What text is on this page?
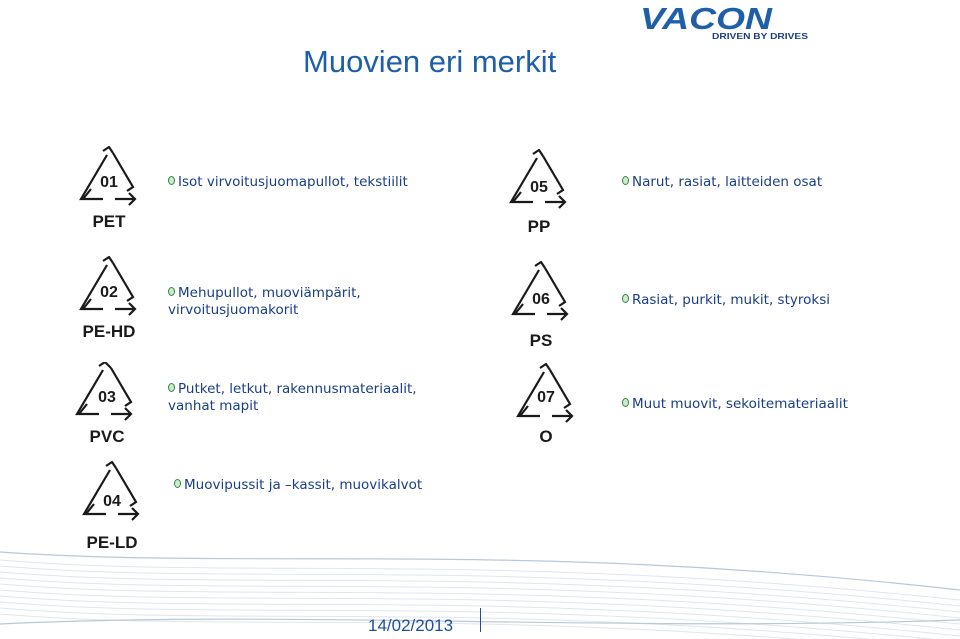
Muovien eri merkit
VACON
DRIVEN BY DRIVES
01
PET
02
PE-HD
03
PVC
04
PE-LD
05
PP
06
PS
07
O
Isot virvoitusjuomapullot, tekstiilit
Mehupullot, muoviämpärit,
virvoitusjuomakorit
Putket, letkut, rakennusmateriaalit,
vanhat mapit
Muovipussit ja –kassit, muovikalvot
Narut, rasiat, laitteiden osat
Rasiat, purkit, mukit, styroksi
Muut muovit, sekoitemateriaalit
14/02/2013
